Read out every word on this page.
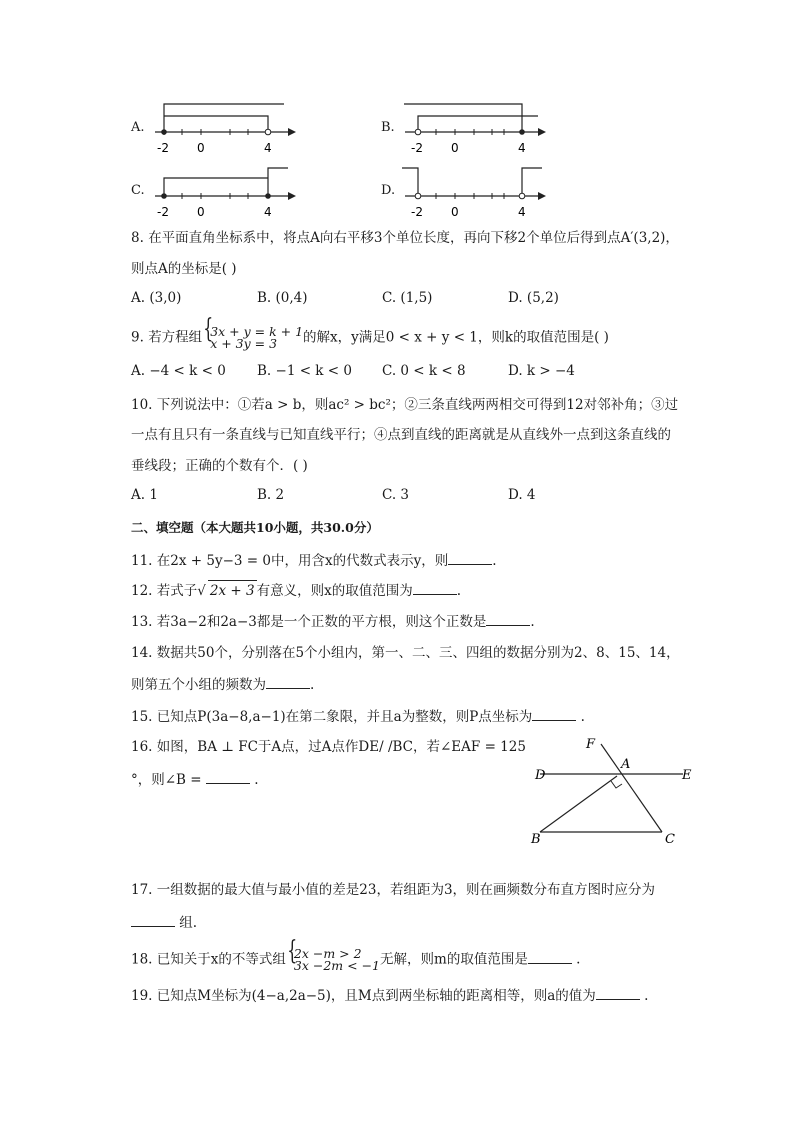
A.
-2 0	4
B.
-2 0	4
C.
-2 0	4
D.
-2 0	4
8. 在平面直角坐标系中，将点A向右平移3个单位长度，再向下移2个单位后得到点A′(3,2)，
则点A的坐标是( )
A. (3,0)	B. (0,4)	C. (1,5)	D. (5,2)
9. 若方程组 { 3x + y = k + 1
x + 3y = 3	的解x，y满足0 < x + y < 1，则k的取值范围是( )
A. −4 < k < 0 B. −1 < k < 0 C. 0 < k < 8	D. k > −4
10. 下列说法中：①若a > b，则ac² > bc²；②三条直线两两相交可得到12对邻补角；③过
一点有且只有一条直线与已知直线平行；④点到直线的距离就是从直线外一点到这条直线的
垂线段；正确的个数有个．( )
A. 1	B. 2	C. 3	D. 4
二、填空题（本大题共10小题，共30.0分）
11. 在2x + 5y−3 = 0中，用含x的代数式表示y，则	.
12. 若式子√ 2x + 3 有意义，则x的取值范围为	.
13. 若3a−2和2a−3都是一个正数的平方根，则这个正数是	.
14. 数据共50个，分别落在5个小组内，第一、二、三、四组的数据分别为2、8、15、14，
则第五个小组的频数为	.
15. 已知点P(3a−8,a−1)在第二象限，并且a为整数，则P点坐标为	.
16. 如图，BA ⊥ FC于A点，过A点作DE/ /BC，若∠EAF = 125
°，则∠B =	.
F
A
D	E
B	C
17. 一组数据的最大值与最小值的差是23，若组距为3，则在画频数分布直方图时应分为
组.
18. 已知关于x的不等式组 { 2x −m > 2
3x −2m < −1 无解，则m的取值范围是	.
19. 已知点M坐标为(4−a,2a−5)，且M点到两坐标轴的距离相等，则a的值为	.
